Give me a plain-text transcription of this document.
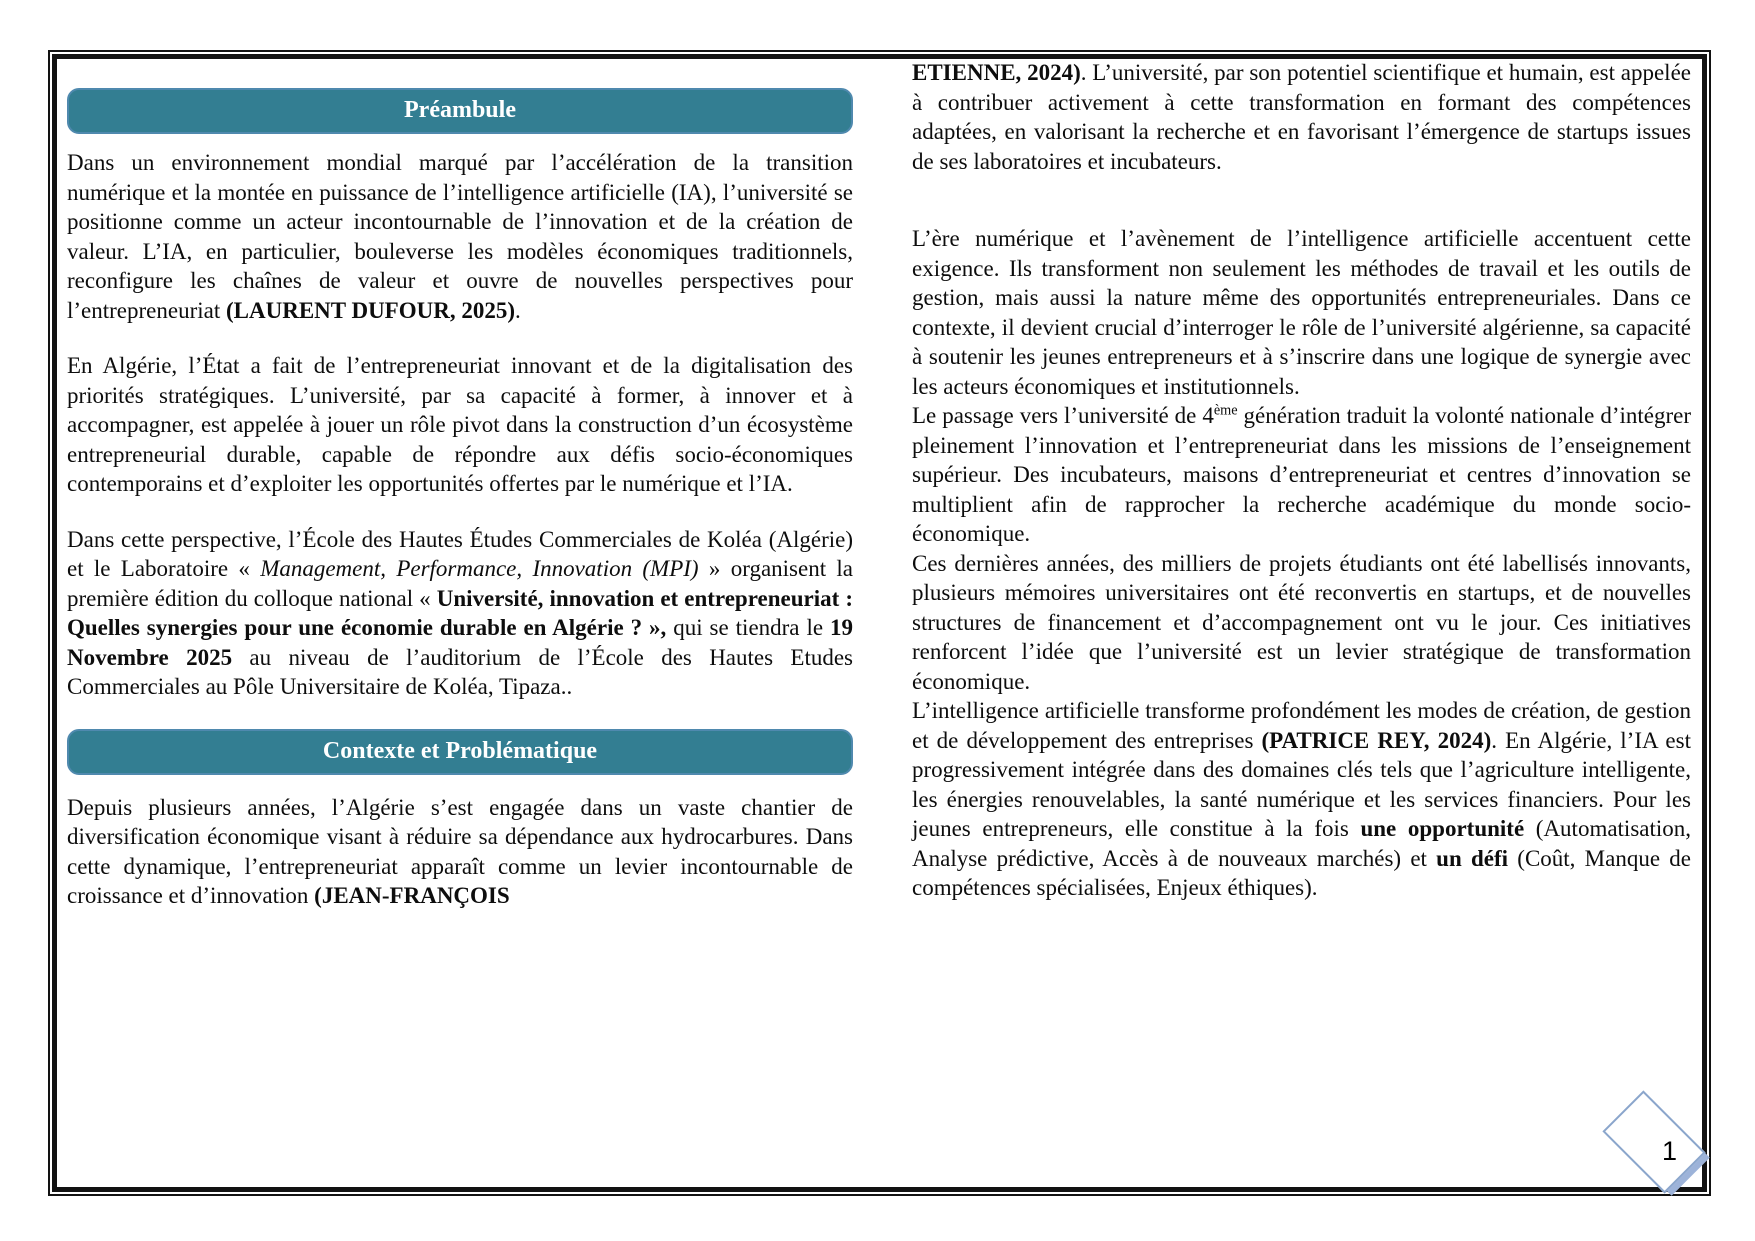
Préambule

Dans un environnement mondial marqué par l’accélération de la transition numérique et la montée en puissance de l’intelligence artificielle (IA), l’université se positionne comme un acteur incontournable de l’innovation et de la création de valeur. L’IA, en particulier, bouleverse les modèles économiques traditionnels, reconfigure les chaînes de valeur et ouvre de nouvelles perspectives pour l’entrepreneuriat (LAURENT DUFOUR, 2025).

En Algérie, l’État a fait de l’entrepreneuriat innovant et de la digitalisation des priorités stratégiques. L’université, par sa capacité à former, à innover et à accompagner, est appelée à jouer un rôle pivot dans la construction d’un écosystème entrepreneurial durable, capable de répondre aux défis socio-économiques contemporains et d’exploiter les opportunités offertes par le numérique et l’IA.

Dans cette perspective, l’École des Hautes Études Commerciales de Koléa (Algérie) et le Laboratoire « Management, Performance, Innovation (MPI) » organisent la première édition du colloque national « Université, innovation et entrepreneuriat : Quelles synergies pour une économie durable en Algérie ? », qui se tiendra le 19 Novembre 2025 au niveau de l’auditorium de l’École des Hautes Etudes Commerciales au Pôle Universitaire de Koléa, Tipaza..

Contexte et Problématique

Depuis plusieurs années, l’Algérie s’est engagée dans un vaste chantier de diversification économique visant à réduire sa dépendance aux hydrocarbures. Dans cette dynamique, l’entrepreneuriat apparaît comme un levier incontournable de croissance et d’innovation (JEAN-FRANÇOIS

ETIENNE, 2024). L’université, par son potentiel scientifique et humain, est appelée à contribuer activement à cette transformation en formant des compétences adaptées, en valorisant la recherche et en favorisant l’émergence de startups issues de ses laboratoires et incubateurs.

L’ère numérique et l’avènement de l’intelligence artificielle accentuent cette exigence. Ils transforment non seulement les méthodes de travail et les outils de gestion, mais aussi la nature même des opportunités entrepreneuriales. Dans ce contexte, il devient crucial d’interroger le rôle de l’université algérienne, sa capacité à soutenir les jeunes entrepreneurs et à s’inscrire dans une logique de synergie avec les acteurs économiques et institutionnels.

Le passage vers l’université de 4ème génération traduit la volonté nationale d’intégrer pleinement l’innovation et l’entrepreneuriat dans les missions de l’enseignement supérieur. Des incubateurs, maisons d’entrepreneuriat et centres d’innovation se multiplient afin de rapprocher la recherche académique du monde socio-économique.

Ces dernières années, des milliers de projets étudiants ont été labellisés innovants, plusieurs mémoires universitaires ont été reconvertis en startups, et de nouvelles structures de financement et d’accompagnement ont vu le jour. Ces initiatives renforcent l’idée que l’université est un levier stratégique de transformation économique.

L’intelligence artificielle transforme profondément les modes de création, de gestion et de développement des entreprises (PATRICE REY, 2024). En Algérie, l’IA est progressivement intégrée dans des domaines clés tels que l’agriculture intelligente, les énergies renouvelables, la santé numérique et les services financiers. Pour les jeunes entrepreneurs, elle constitue à la fois une opportunité (Automatisation, Analyse prédictive, Accès à de nouveaux marchés) et un défi (Coût, Manque de compétences spécialisées, Enjeux éthiques).

1
